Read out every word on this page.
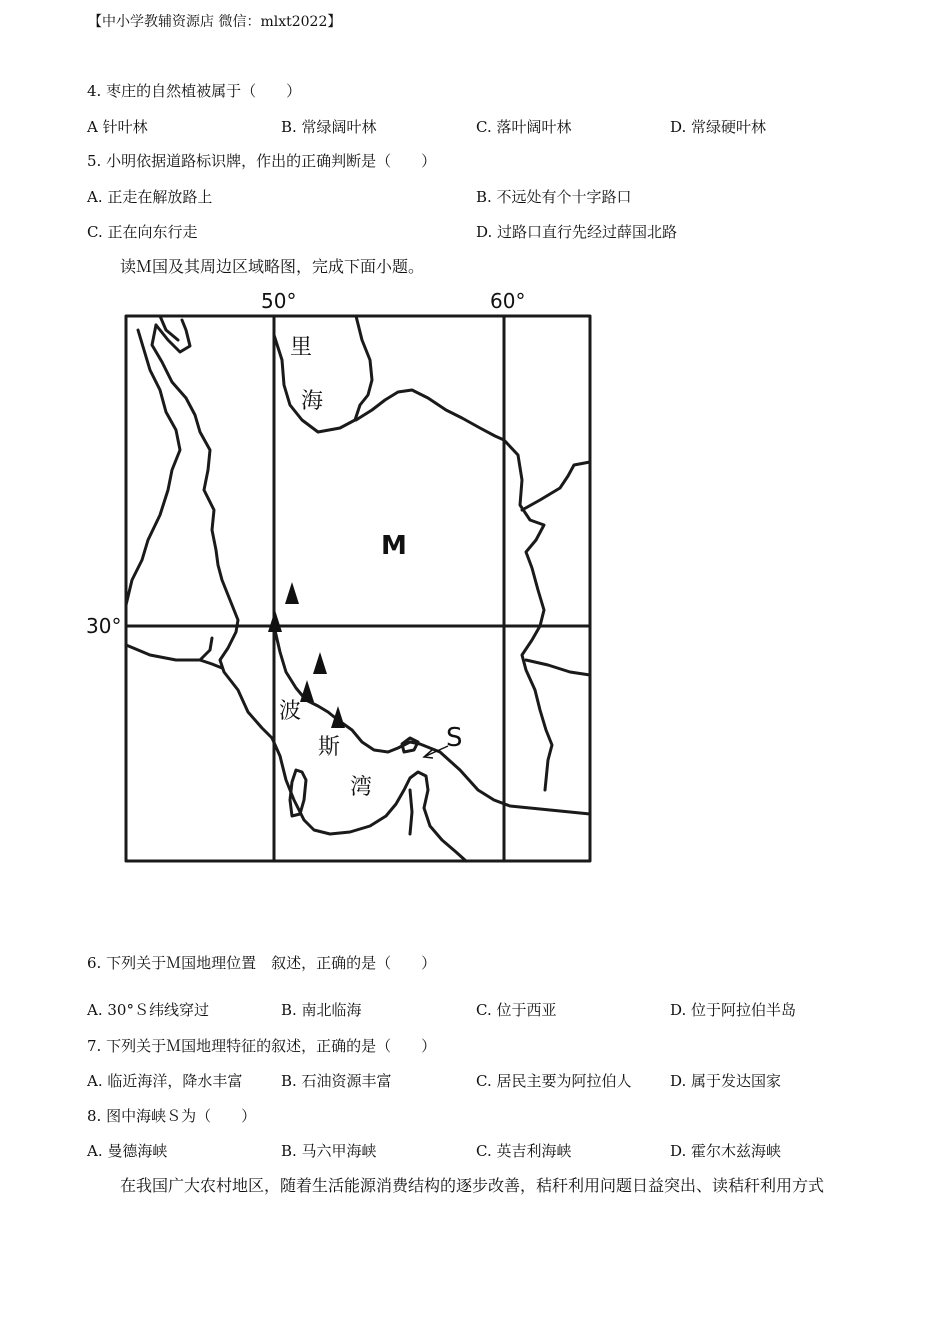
【中小学教辅资源店 微信：mlxt2022】
4. 枣庄的自然植被属于（　　）
A 针叶林	B. 常绿阔叶林	C. 落叶阔叶林	D. 常绿硬叶林
5. 小明依据道路标识牌，作出的正确判断是（　　）
A. 正走在解放路上	B. 不远处有个十字路口
C. 正在向东行走	D. 过路口直行先经过薛国北路
读Ｍ国及其周边区域略图，完成下面小题。
50°	60°
30°
里
海
M
波
斯
湾
S
6. 下列关于Ｍ国地理位置　叙述，正确的是（　　）
A. 30°Ｓ纬线穿过	B. 南北临海	C. 位于西亚	D. 位于阿拉伯半岛
7. 下列关于Ｍ国地理特征的叙述，正确的是（　　）
A. 临近海洋，降水丰富	B. 石油资源丰富	C. 居民主要为阿拉伯人	D. 属于发达国家
8. 图中海峡Ｓ为（　　）
A. 曼德海峡	B. 马六甲海峡	C. 英吉利海峡	D. 霍尔木兹海峡
在我国广大农村地区，随着生活能源消费结构的逐步改善，秸秆利用问题日益突出、读秸秆利用方式
